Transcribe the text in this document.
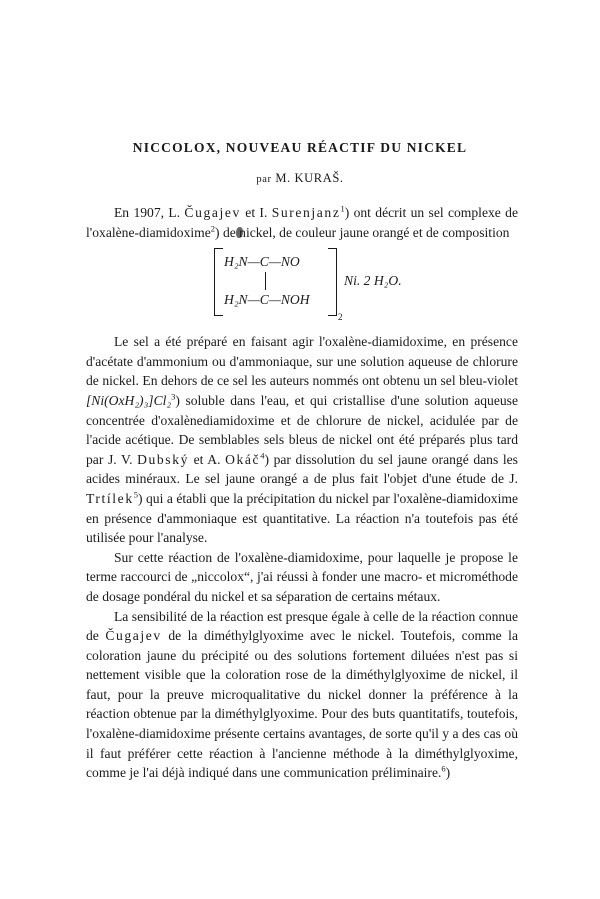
NICCOLOX, NOUVEAU RÉACTIF DU NICKEL
par M. KURAŠ.

En 1907, L. Čugajev et I. Surenjanz$^1$) ont décrit un sel complexe de l'oxalène-diamidoxime$^2$) de nickel, de couleur jaune orangé et de composition

H₂N—C—NO
H₂N—C—NOH
2
Ni. 2 H₂O.

Le sel a été préparé en faisant agir l'oxalène-diamidoxime, en présence d'acétate d'ammonium ou d'ammoniaque, sur une solution aqueuse de chlorure de nickel. En dehors de ce sel les auteurs nommés ont obtenu un sel bleu-violet [Ni(OxH₂)₃]Cl₂$^3$) soluble dans l'eau, et qui cristallise d'une solution aqueuse concentrée d'oxalènediamidoxime et de chlorure de nickel, acidulée par de l'acide acétique. De semblables sels bleus de nickel ont été préparés plus tard par J. V. Dubský et A. Okáč$^4$) par dissolution du sel jaune orangé dans les acides minéraux. Le sel jaune orangé a de plus fait l'objet d'une étude de J. Trtílek$^5$) qui a établi que la précipitation du nickel par l'oxalène-diamidoxime en présence d'ammoniaque est quantitative. La réaction n'a toutefois pas été utilisée pour l'analyse.

Sur cette réaction de l'oxalène-diamidoxime, pour laquelle je propose le terme raccourci de „niccolox“, j'ai réussi à fonder une macro- et microméthode de dosage pondéral du nickel et sa séparation de certains métaux.

La sensibilité de la réaction est presque égale à celle de la réaction connue de Čugajev de la diméthylglyoxime avec le nickel. Toutefois, comme la coloration jaune du précipité ou des solutions fortement diluées n'est pas si nettement visible que la coloration rose de la diméthylglyoxime de nickel, il faut, pour la preuve microqualitative du nickel donner la préférence à la réaction obtenue par la diméthylglyoxime. Pour des buts quantitatifs, toutefois, l'oxalène-diamidoxime présente certains avantages, de sorte qu'il y a des cas où il faut préférer cette réaction à l'ancienne méthode à la diméthylglyoxime, comme je l'ai déjà indiqué dans une communication préliminaire.$^6$)
